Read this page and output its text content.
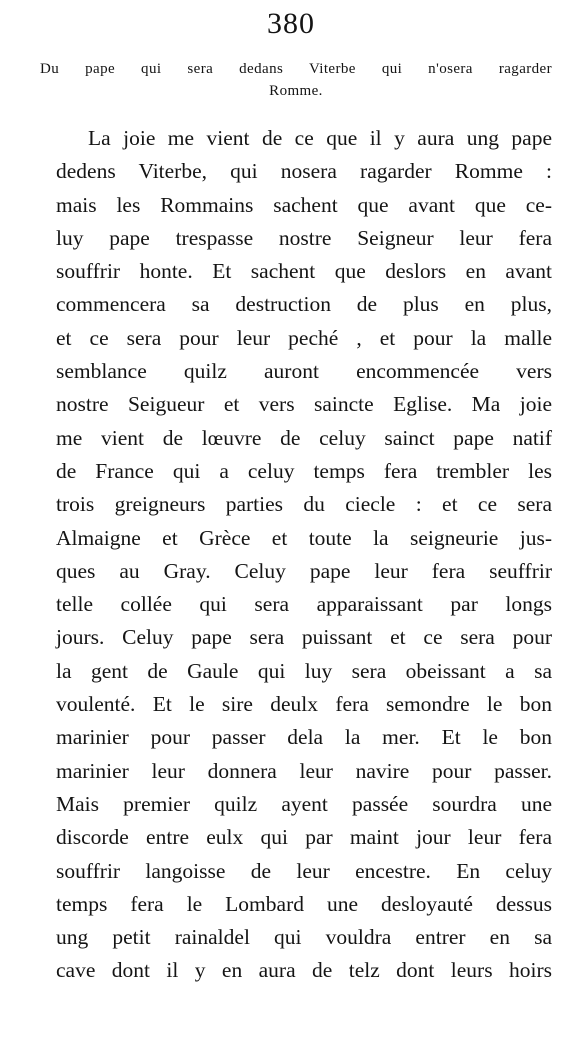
380
Du pape qui sera dedans Viterbe qui n'osera ragarder
Romme.
La joie me vient de ce que il y aura ung pape
dedens Viterbe, qui nosera ragarder Romme :
mais les Rommains sachent que avant que ce-
luy pape trespasse nostre Seigneur leur fera
souffrir honte. Et sachent que deslors en avant
commencera sa destruction de plus en plus,
et ce sera pour leur peché , et pour la malle
semblance quilz auront encommencée vers
nostre Seigueur et vers saincte Eglise. Ma joie
me vient de lœuvre de celuy sainct pape natif
de France qui a celuy temps fera trembler les
trois greigneurs parties du ciecle : et ce sera
Almaigne et Grèce et toute la seigneurie jus-
ques au Gray. Celuy pape leur fera seuffrir
telle collée qui sera apparaissant par longs
jours. Celuy pape sera puissant et ce sera pour
la gent de Gaule qui luy sera obeissant a sa
voulenté. Et le sire deulx fera semondre le bon
marinier pour passer dela la mer. Et le bon
marinier leur donnera leur navire pour passer.
Mais premier quilz ayent passée sourdra une
discorde entre eulx qui par maint jour leur fera
souffrir langoisse de leur encestre. En celuy
temps fera le Lombard une desloyauté dessus
ung petit rainaldel qui vouldra entrer en sa
cave dont il y en aura de telz dont leurs hoirs
